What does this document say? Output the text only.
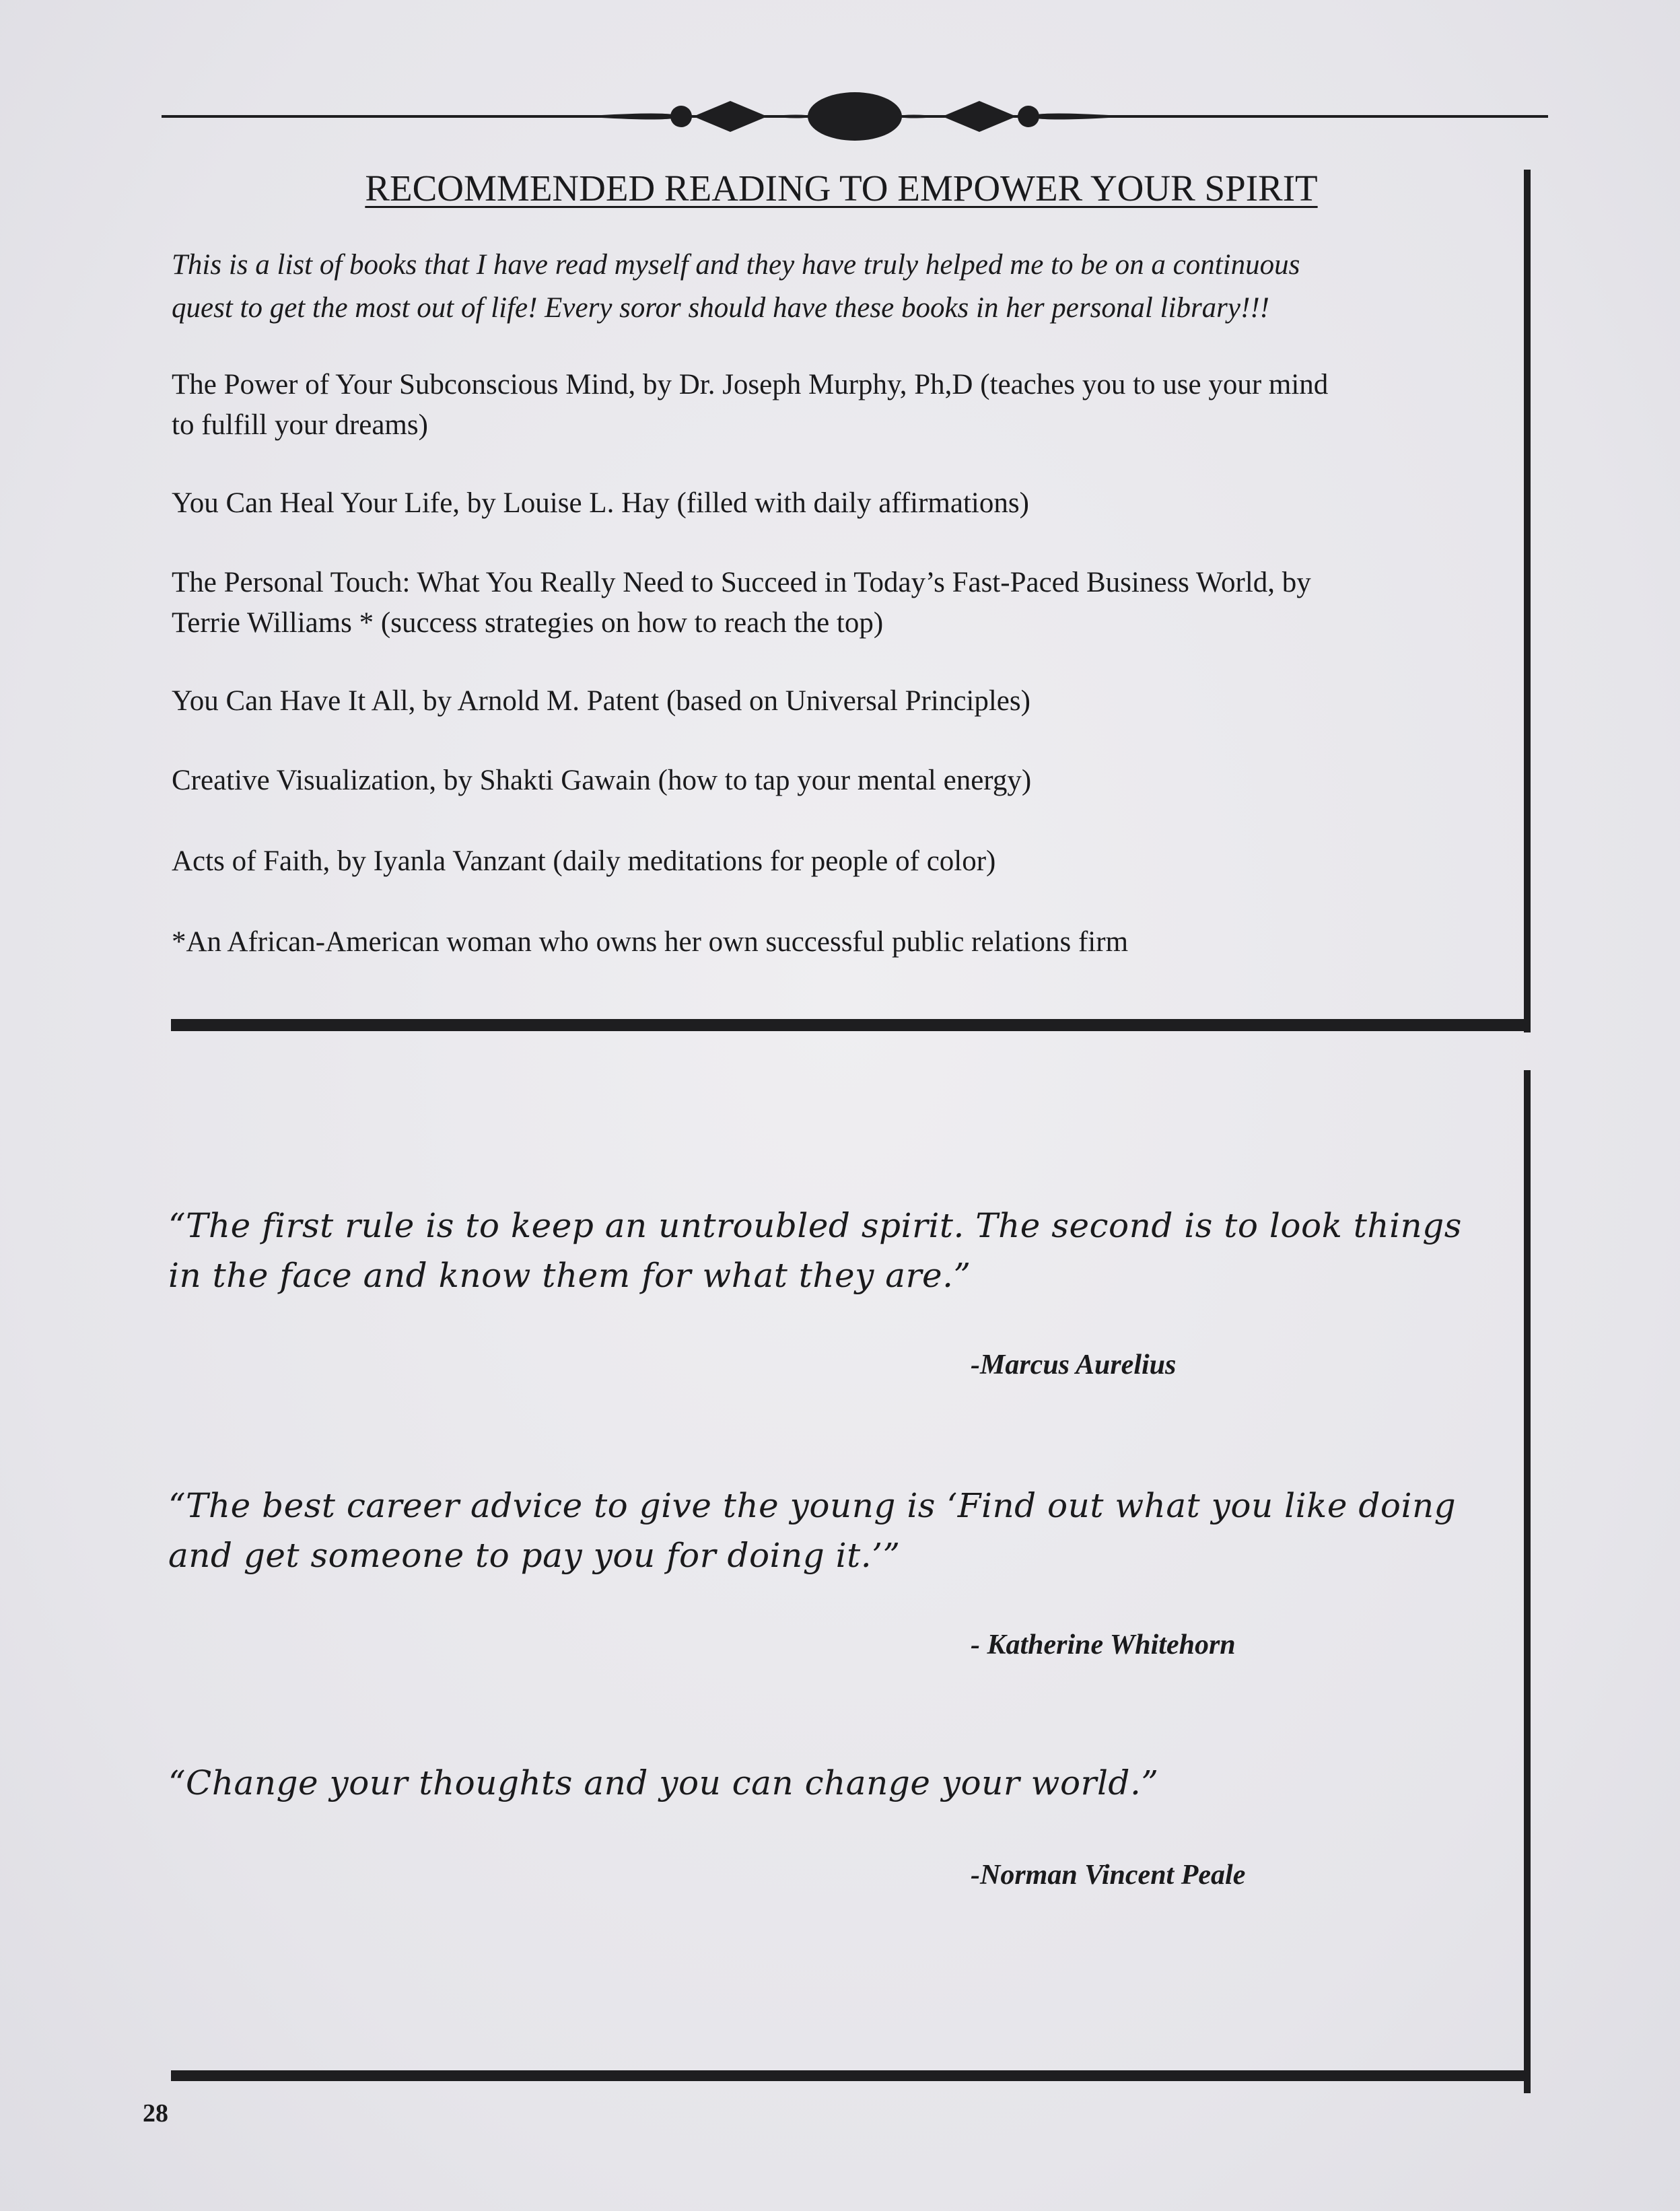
RECOMMENDED READING TO EMPOWER YOUR SPIRIT
This is a list of books that I have read myself and they have truly helped me to be on a continuous
quest to get the most out of life! Every soror should have these books in her personal library!!!
The Power of Your Subconscious Mind, by Dr. Joseph Murphy, Ph,D (teaches you to use your mind
to fulfill your dreams)
You Can Heal Your Life, by Louise L. Hay (filled with daily affirmations)
The Personal Touch: What You Really Need to Succeed in Today’s Fast-Paced Business World, by
Terrie Williams * (success strategies on how to reach the top)
You Can Have It All, by Arnold M. Patent (based on Universal Principles)
Creative Visualization, by Shakti Gawain (how to tap your mental energy)
Acts of Faith, by Iyanla Vanzant (daily meditations for people of color)
*An African-American woman who owns her own successful public relations firm
“The first rule is to keep an untroubled spirit. The second is to look things
in the face and know them for what they are.”
-Marcus Aurelius
“The best career advice to give the young is ‘Find out what you like doing
and get someone to pay you for doing it.’”
- Katherine Whitehorn
“Change your thoughts and you can change your world.”
-Norman Vincent Peale
28
